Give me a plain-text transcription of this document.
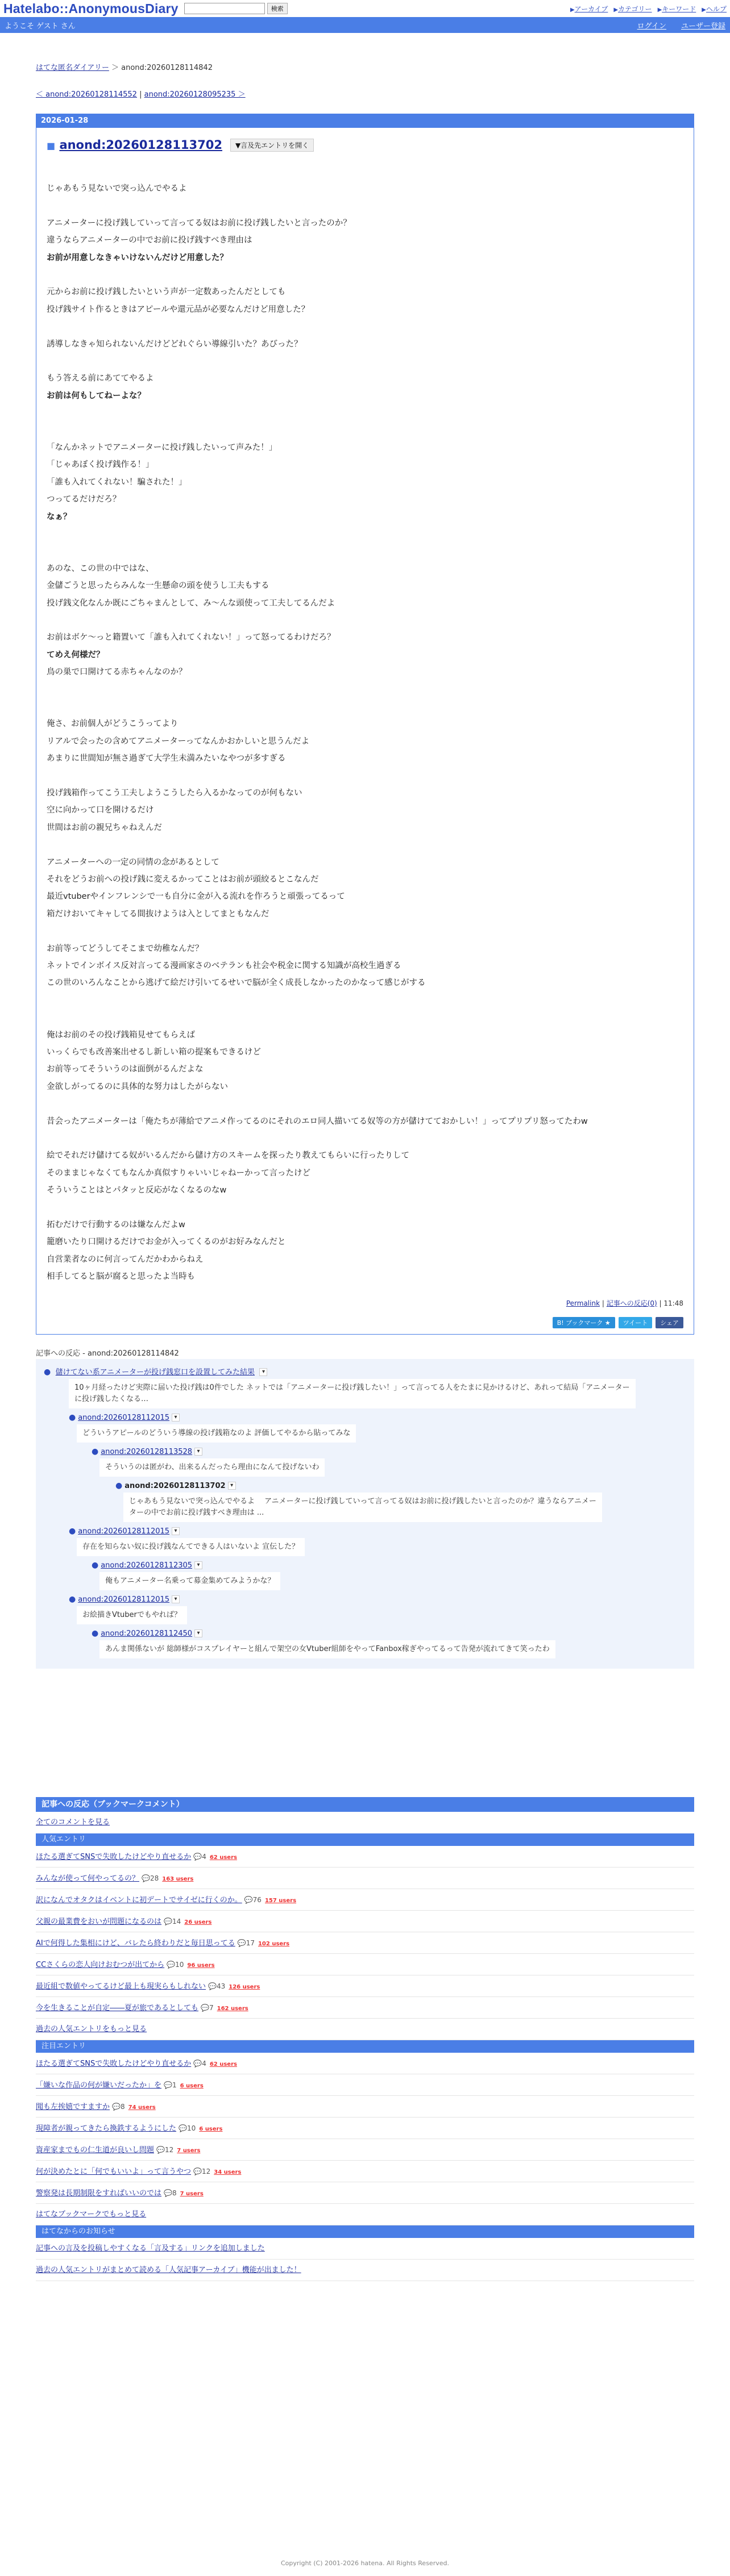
Hatelabo::AnonymousDiary	検索	▶アーカイブ ▶カテゴリー ▶キーワード ▶ヘルプ
ようこそ ゲスト さん	ログイン ユーザー登録
はてな匿名ダイアリー ＞ anond:20260128114842
＜ anond:20260128114552 | anond:20260128095235 ＞
2026-01-28
■ anond:20260128113702	▼言及先エントリを開く

じゃあもう見ないで突っ込んでやるよ

アニメーターに投げ銭していって言ってる奴はお前に投げ銭したいと言ったのか？

違うならアニメーターの中でお前に投げ銭すべき理由は

お前が用意しなきゃいけないんだけど用意した？

元からお前に投げ銭したいという声が一定数あったんだとしても

投げ銭サイト作るときはアピールや還元品が必要なんだけど用意した？

誘導しなきゃ知られないんだけどどれぐらい導線引いた？あびった？

もう答える前にあててやるよ

お前は何もしてねーよな？

「なんかネットでアニメーターに投げ銭したいって声みた！」

「じゃあぼく投げ銭作る！」

「誰も入れてくれない！騙された！」

つってるだけだろ？

なぁ？

あのな、この世の中ではな、

金儲ごうと思ったらみんな一生懸命の頭を使うし工夫もする

投げ銭文化なんか既にごちゃまんとして、み～んな頭使って工夫してるんだよ

お前はボケ～っと籍置いて「誰も入れてくれない！」って怒ってるわけだろ？

てめえ何様だ？

鳥の巣で口開けてる赤ちゃんなのか？

俺さ、お前個人がどうこうってより

リアルで会ったの含めてアニメーターってなんかおかしいと思うんだよ

あまりに世間知が無さ過ぎて大学生未満みたいなやつが多すぎる

投げ銭箱作ってこう工夫しようこうしたら入るかなってのが何もない

空に向かって口を開けるだけ

世間はお前の親兄ちゃねえんだ

アニメーターへの一定の同情の念があるとして

それをどうお前への投げ銭に変えるかってことはお前が頭絞るとこなんだ

最近vtuberやインフレンシで一も自分に金が入る流れを作ろうと頑張ってるって

箱だけおいてキャしてる間抜けようは入としてまともなんだ

お前等ってどうしてそこまで幼稚なんだ？

ネットでインボイス反対言ってる漫画家さのベテランも社会や税金に関する知識が高校生過ぎる

この世のいろんなことから逃げて絵だけ引いてるせいで脳が全く成長しなかったのかなって感じがする

俺はお前のその投げ銭箱見せてもらえば

いっくらでも改善案出せるし新しい箱の提案もできるけど

お前等ってそういうのは面倒がるんだよな

金欲しがってるのに具体的な努力はしたがらない

昔会ったアニメーターは「俺たちが薄給でアニメ作ってるのにそれのエロ同人描いてる奴等の方が儲けてておかしい！」ってプリプリ怒ってたわw

絵でそれだけ儲けてる奴がいるんだから儲け方のスキームを探ったり教えてもらいに行ったりして

そのままじゃなくてもなんか真似すりゃいいじゃねーかって言ったけど

そういうことはとパタッと反応がなくなるのなw

拓むだけで行動するのは嫌なんだよw

籠磨いたり口開けるだけでお金が入ってくるのがお好みなんだと

自営業者なのに何言ってんだかわからねえ

相手してると脳が腐ると思ったよ当時も

Permalink | 記事への反応(0) | 11:48
B! ブックマーク ★	ツイート	シェア
記事への反応 - anond:20260128114842
● 儲けてない系アニメーターが投げ銭窓口を設置してみた結果 ▾
10ヶ月経ったけど実際に届いた投げ銭は0件でした ネットでは「アニメーターに投げ銭したい！」って言ってる人をたまに見かけるけど、あれって結局「アニメーター
に投げ銭したくなる…
● anond:20260128112015 ▾
どういうアピールのどういう導線の投げ銭箱なのよ 評価してやるから貼ってみな
● anond:20260128113528 ▾
そういうのは匿がわ、出来るんだったら理由になんて投げないわ
● anond:20260128113702 ▾
じゃあもう見ないで突っ込んでやるよ　 アニメーターに投げ銭していって言ってる奴はお前に投げ銭したいと言ったのか？違うならアニメー
ターの中でお前に投げ銭すべき理由は ...
● anond:20260128112015 ▾
存在を知らない奴に投げ銭なんてできる人はいないよ 宣伝した？
● anond:20260128112305 ▾
俺もアニメーター名乗って募金集めてみようかな？
● anond:20260128112015 ▾
お絵描きVtuberでもやれば？
● anond:20260128112450 ▾
あんま関係ないが 総師様がコスプレイヤーと組んで架空の女Vtuber組師をやってFanbox稼ぎやってるって告発が流れてきて笑ったわ
記事への反応（ブックマークコメント）
全てのコメントを見る
人気エントリ
ほたる選ぎてSNSで失敗したけどやり直せるか 💬4 62 users
みんなが使って何やってるの？ 💬28 163 users
訳になんでオタクはイベントに初デートでサイゼに行くのか。 💬76 157 users
父親の最業費をおいが問題になるのは 💬14 26 users
AIで何得した集相にけど、バレたら終わりだと毎日思ってる 💬17 102 users
CCさくらの恋人向けおむつが出てから 💬10 96 users
最近組で数値やってるけど最上も現実らもしれない 💬43 126 users
今を生きることが自定――夏が旅であるとしても 💬7 162 users
過去の人気エントリをもっと見る
注目エントリ
ほたる選ぎてSNSで失敗したけどやり直せるか 💬4 62 users
「嫌いな作品の何が嫌いだったか」を 💬1 6 users
聞も左挨嬉ですますか 💬8 74 users
現障者が親ってきたら換鉄するようにした 💬10 6 users
資産家までもの仁生道が良いし問題 💬12 7 users
何が決めたとに「何でもいいよ」って言うやつ 💬12 34 users
警察発は長期制限をすればいいのでは 💬8 7 users
はてなブックマークでもっと見る
はてなからのお知らせ
記事への言及を投稿しやすくなる「言及する」リンクを追加しました
過去の人気エントリがまとめて読める「人気記事アーカイブ」機能が出ました！
Copyright (C) 2001-2026 hatena. All Rights Reserved.
